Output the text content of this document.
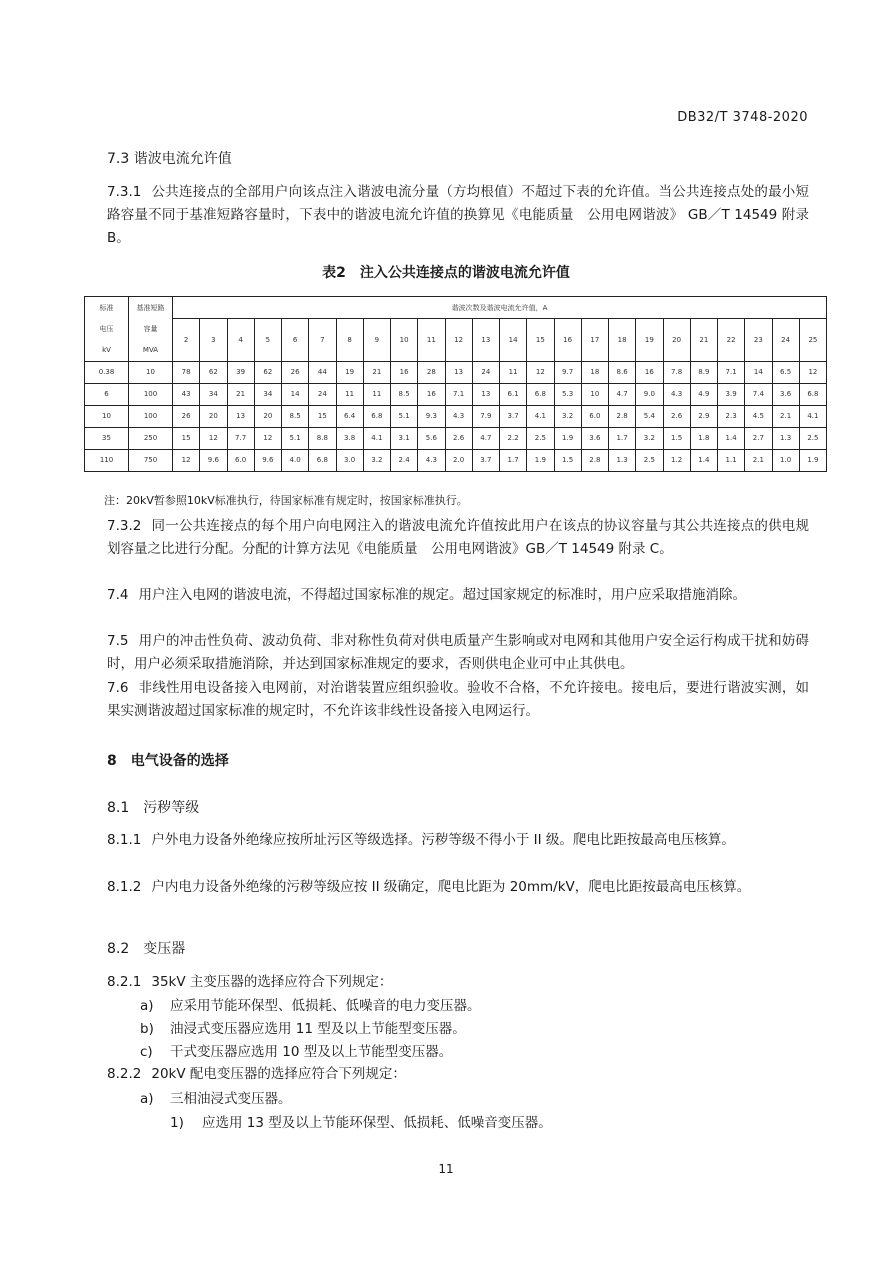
DB32/T 3748-2020
7.3 谐波电流允许值
7.3.1 公共连接点的全部用户向该点注入谐波电流分量（方均根值）不超过下表的允许值。当公共连接点处的最小短路容量不同于基准短路容量时，下表中的谐波电流允许值的换算见《电能质量　公用电网谐波》 GB／T 14549 附录 B。
表2　注入公共连接点的谐波电流允许值
标准	基准短路	谐波次数及谐波电流允许值，A																							
电压	容量	2	3	4	5	6	7	8	9	10	11	12	13	14	15	16	17	18	19	20	21	22	23	24	25
kV	MVA																								
0.38	10	78	62	39	62	26	44	19	21	16	28	13	24	11	12	9.7	18	8.6	16	7.8	8.9	7.1	14	6.5	12
6	100	43	34	21	34	14	24	11	11	8.5	16	7.1	13	6.1	6.8	5.3	10	4.7	9.0	4.3	4.9	3.9	7.4	3.6	6.8
10	100	26	20	13	20	8.5	15	6.4	6.8	5.1	9.3	4.3	7.9	3.7	4.1	3.2	6.0	2.8	5.4	2.6	2.9	2.3	4.5	2.1	4.1
35	250	15	12	7.7	12	5.1	8.8	3.8	4.1	3.1	5.6	2.6	4.7	2.2	2.5	1.9	3.6	1.7	3.2	1.5	1.8	1.4	2.7	1.3	2.5
110	750	12	9.6	6.0	9.6	4.0	6.8	3.0	3.2	2.4	4.3	2.0	3.7	1.7	1.9	1.5	2.8	1.3	2.5	1.2	1.4	1.1	2.1	1.0	1.9
注：20kV暂参照10kV标准执行，待国家标准有规定时，按国家标准执行。
7.3.2 同一公共连接点的每个用户向电网注入的谐波电流允许值按此用户在该点的协议容量与其公共连接点的供电规划容量之比进行分配。分配的计算方法见《电能质量　公用电网谐波》GB／T 14549 附录 C。
7.4 用户注入电网的谐波电流，不得超过国家标准的规定。超过国家规定的标准时，用户应采取措施消除。
7.5 用户的冲击性负荷、波动负荷、非对称性负荷对供电质量产生影响或对电网和其他用户安全运行构成干扰和妨碍时，用户必须采取措施消除，并达到国家标准规定的要求，否则供电企业可中止其供电。
7.6 非线性用电设备接入电网前，对治谐装置应组织验收。验收不合格，不允许接电。接电后，要进行谐波实测，如果实测谐波超过国家标准的规定时，不允许该非线性设备接入电网运行。
8　电气设备的选择
8.1　污秽等级
8.1.1 户外电力设备外绝缘应按所址污区等级选择。污秽等级不得小于 II 级。爬电比距按最高电压核算。
8.1.2 户内电力设备外绝缘的污秽等级应按 II 级确定，爬电比距为 20mm/kV，爬电比距按最高电压核算。
8.2　变压器
8.2.1 35kV 主变压器的选择应符合下列规定：
a) 应采用节能环保型、低损耗、低噪音的电力变压器。
b) 油浸式变压器应选用 11 型及以上节能型变压器。
c) 干式变压器应选用 10 型及以上节能型变压器。
8.2.2 20kV 配电变压器的选择应符合下列规定：
a) 三相油浸式变压器。
1) 应选用 13 型及以上节能环保型、低损耗、低噪音变压器。
11
